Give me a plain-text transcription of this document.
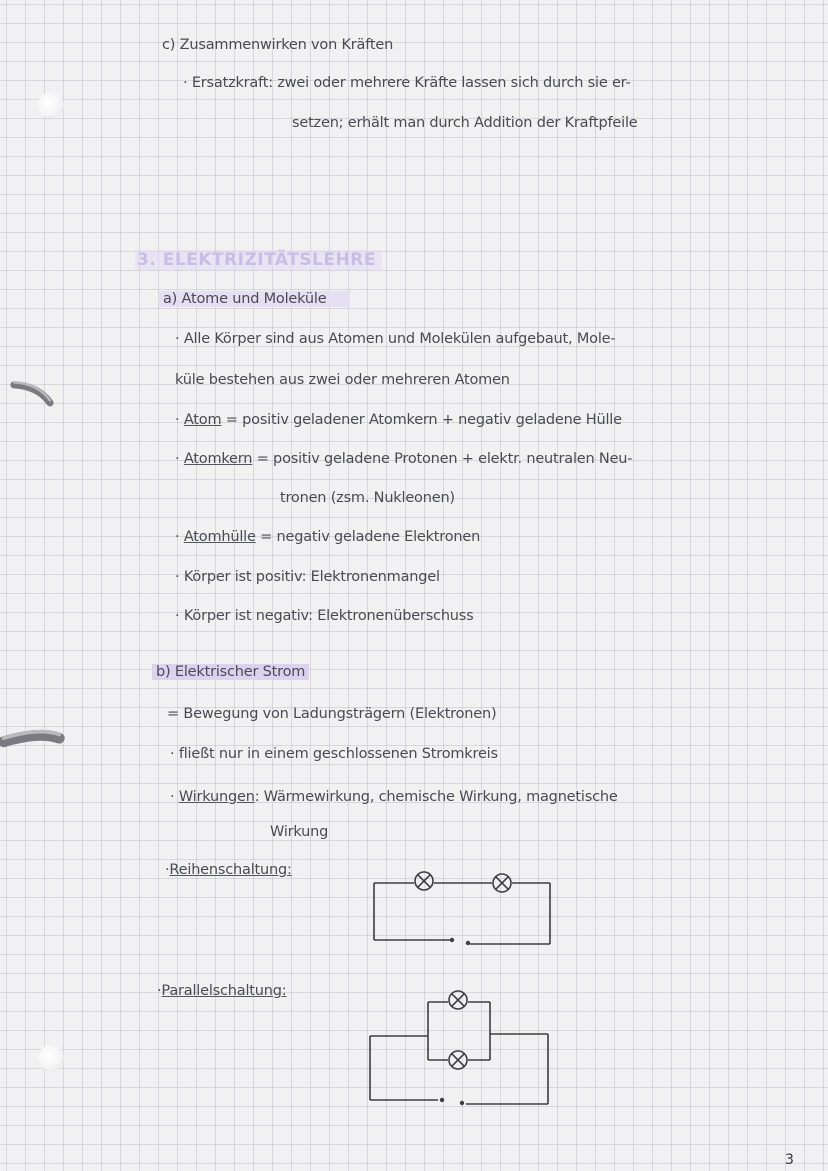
c) Zusammenwirken von Kräften
· Ersatzkraft: zwei oder mehrere Kräfte lassen sich durch sie er-
setzen; erhält man durch Addition der Kraftpfeile
3. ELEKTRIZITÄTSLEHRE
a) Atome und Moleküle
· Alle Körper sind aus Atomen und Molekülen aufgebaut, Mole-
küle bestehen aus zwei oder mehreren Atomen
· Atom = positiv geladener Atomkern + negativ geladene Hülle
· Atomkern = positiv geladene Protonen + elektr. neutralen Neu-
tronen (zsm. Nukleonen)
· Atomhülle = negativ geladene Elektronen
· Körper ist positiv: Elektronenmangel
· Körper ist negativ: Elektronenüberschuss
b) Elektrischer Strom
= Bewegung von Ladungsträgern (Elektronen)
· fließt nur in einem geschlossenen Stromkreis
· Wirkungen: Wärmewirkung, chemische Wirkung, magnetische
Wirkung
·Reihenschaltung:
·Parallelschaltung:
3
